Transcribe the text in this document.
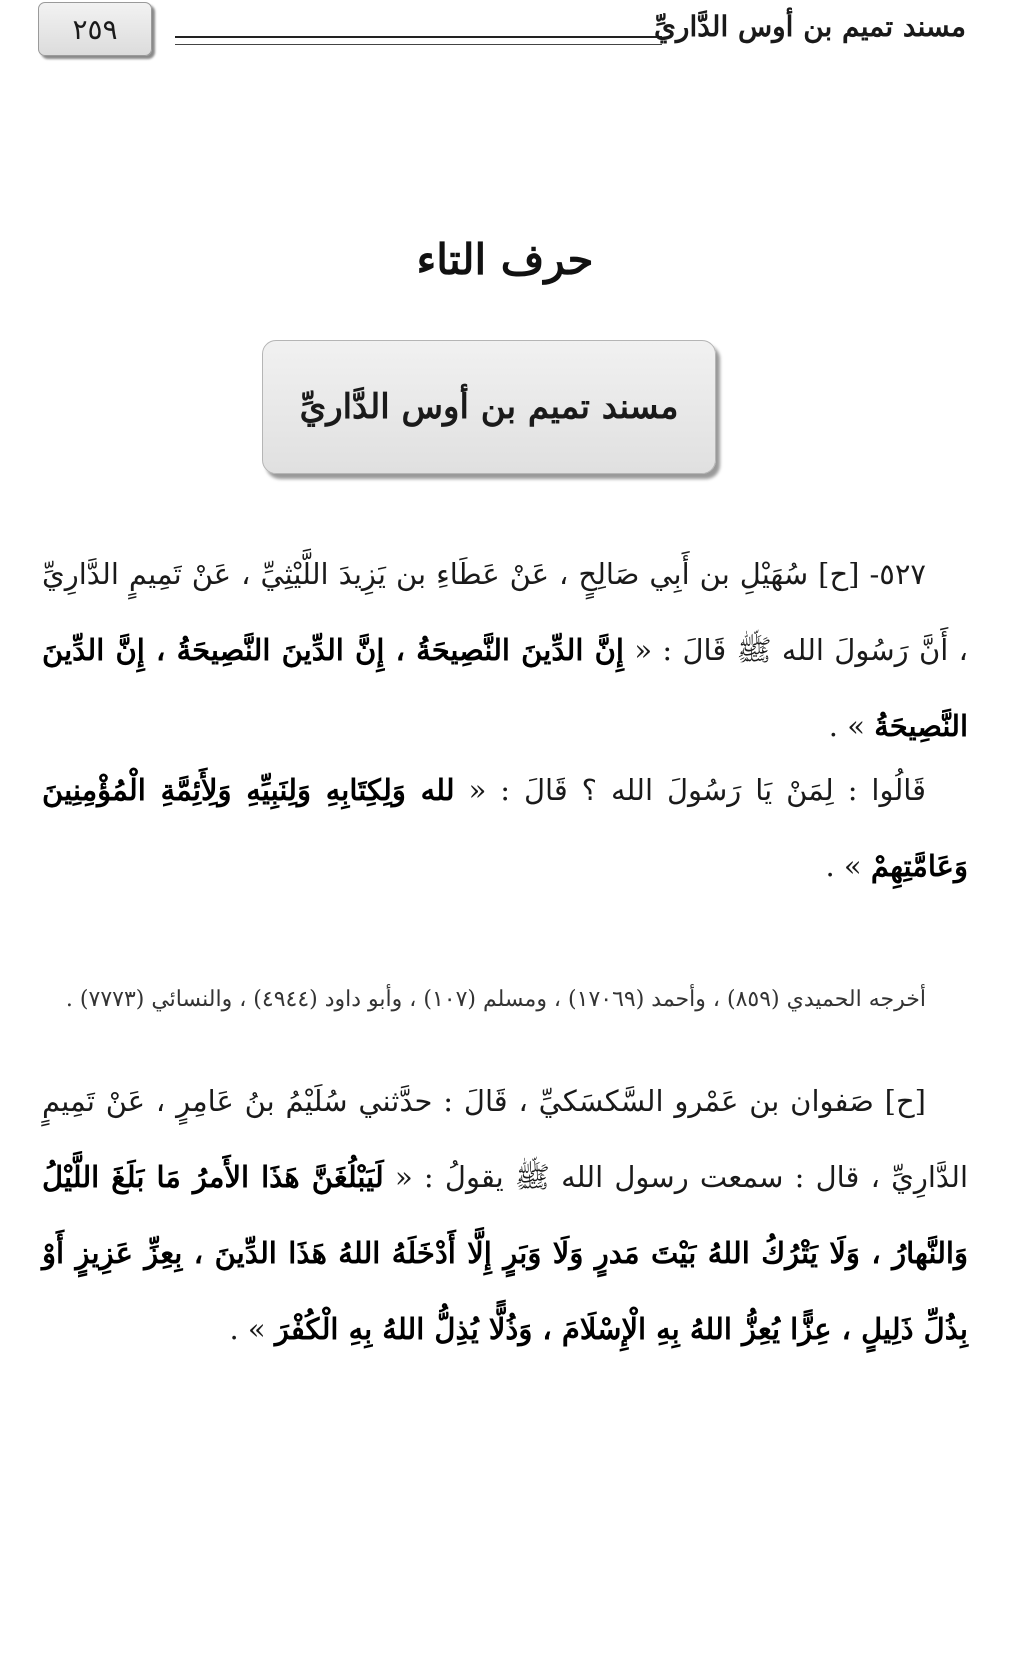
٢٥٩	مسند تميم بن أوس الدَّاريِّ
حرف التاء
مسند تميم بن أوس الدَّاريِّ
٥٢٧- [ح] سُهَيْلِ بن أَبِي صَالِحٍ ، عَنْ عَطَاءِ بن يَزِيدَ اللَّيْثِيِّ ، عَنْ تَمِيمٍ الدَّارِيِّ ، أَنَّ رَسُولَ الله ﷺ قَالَ : « إِنَّ الدِّينَ النَّصِيحَةُ ، إِنَّ الدِّينَ النَّصِيحَةُ ، إِنَّ الدِّينَ النَّصِيحَةُ » .
قَالُوا : لِمَنْ يَا رَسُولَ الله ؟ قَالَ : « لله وَلِكِتَابِهِ وَلِنَبِيِّهِ وَلِأَئِمَّةِ الْمُؤْمِنِينَ وَعَامَّتِهِمْ » .
أخرجه الحميدي (٨٥٩) ، وأحمد (١٧٠٦٩) ، ومسلم (١٠٧) ، وأبو داود (٤٩٤٤) ، والنسائي (٧٧٧٣) .
[ح] صَفوان بن عَمْرو السَّكسَكيِّ ، قَالَ : حدَّثني سُلَيْمُ بنُ عَامِرٍ ، عَنْ تَمِيمٍ الدَّارِيِّ ، قال : سمعت رسول الله ﷺ يقولُ : « لَيَبْلُغَنَّ هَذَا الأَمرُ مَا بَلَغَ اللَّيْلُ وَالنَّهارُ ، وَلَا يَتْرُكُ اللهُ بَيْتَ مَدرٍ وَلَا وَبَرٍ إِلَّا أَدْخَلَهُ اللهُ هَذَا الدِّينَ ، بِعِزِّ عَزِيزٍ أَوْ بِذُلِّ ذَلِيلٍ ، عِزًّا يُعِزُّ اللهُ بِهِ الْإِسْلَامَ ، وَذُلًّا يُذِلُّ اللهُ بِهِ الْكُفْرَ » .
